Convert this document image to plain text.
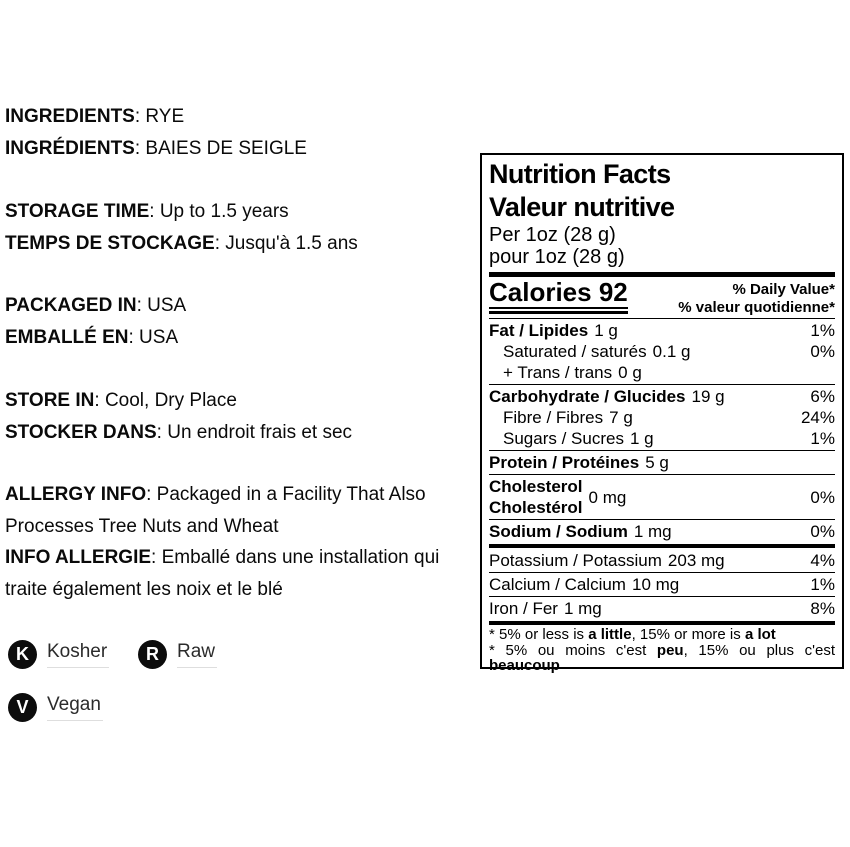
INGREDIENTS: RYE
INGRÉDIENTS: BAIES DE SEIGLE
STORAGE TIME: Up to 1.5 years
TEMPS DE STOCKAGE: Jusqu'à 1.5 ans
PACKAGED IN: USA
EMBALLÉ EN: USA
STORE IN: Cool, Dry Place
STOCKER DANS: Un endroit frais et sec
ALLERGY INFO: Packaged in a Facility That Also Processes Tree Nuts and Wheat
INFO ALLERGIE: Emballé dans une installation qui traite également les noix et le blé
K Kosher	R Raw
V Vegan
Nutrition Facts
Valeur nutritive
Per 1oz (28 g)
pour 1oz (28 g)
Calories 92	% Daily Value*
% valeur quotidienne*
Fat / Lipides 1 g	1%
Saturated / saturés 0.1 g	0%
+ Trans / trans 0 g
Carbohydrate / Glucides 19 g	6%
Fibre / Fibres 7 g	24%
Sugars / Sucres 1 g	1%
Protein / Protéines 5 g
Cholesterol
Cholestérol
0 mg	0%
Sodium / Sodium 1 mg	0%
Potassium / Potassium 203 mg	4%
Calcium / Calcium 10 mg	1%
Iron / Fer 1 mg	8%
* 5% or less is a little, 15% or more is a lot
* 5% ou moins c'est peu, 15% ou plus c'est beaucoup
